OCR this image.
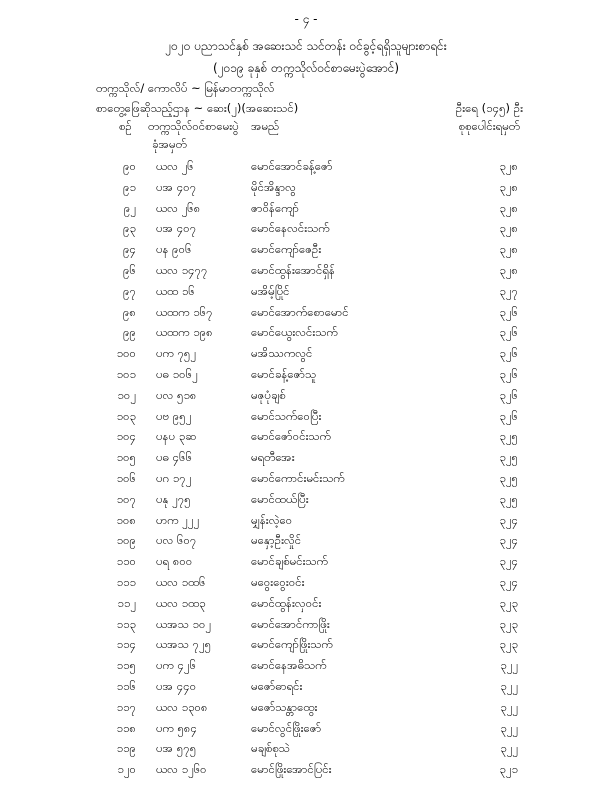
- ၄ -
၂၀၂၀ ပညာသင်နှစ် အဆေးသင် သင်တန်း ဝင်ခွင့်ရရှိသူများစာရင်း
(၂၀၁၉ ခုနှစ် တက္ကသိုလ်ဝင်စာမေးပွဲအောင်)
တက္ကသိုလ်/ ကောလိပ် ~ မြန်မာတက္ကသိုလ်
စာတွေ့ဖြေဆိုသည့်ဌာန ~ ဆေး(၂)(အဆေးသင်)	ဦးရေ (၁၄၅) ဦး
စဉ် တက္ကသိုလ်ဝင်စာမေးပွဲ
ခုံအမှတ်
အမည်	စုစုပေါင်းရမှတ်
၉၀ ယလ ၂၆	မောင်အောင်ခန့်ဇော်	၃၂၈
၉၁ ပအ ၄၀၇	မိုင်အိန္ဒာလွ	၃၂၈
၉၂ ယလ ၂၆၈	ဇာဝိန်ကျော်	၃၂၈
၉၃ ပအ ၄၀၇	မောင်နေလင်းသက်	၃၂၈
၉၄ ပန ၉၀၆	မောင်ကျော်ဇေဦး	၃၂၈
၉၆ ယလ ၁၄၇၇	မောင်ထွန်းအောင်ရှိန်	၃၂၈
၉၇ ယထ ၁၆	မအိမ့်ပြိုင်	၃၂၇
၉၈ ယထက ၁၆၇	မောင်အောက်စောမောင်	၃၂၆
၉၉ ယထက ၁၉၈	မောင်ယွေးလင်းသက်	၃၂၆
၁၀၀ ပက ၇၅၂	မအိဿကလွင်	၃၂၆
၁၀၁ ပဓ ၁၀၆၂	မောင်ခန့်ဇော်သူ	၃၂၆
၁၀၂ ပလ ၅၁၈	မဇုပုံချစ်	၃၂၆
၁၀၃ ပဗ ၉၅၂	မောင်သက်ဝေပြီး	၃၂၆
၁၀၄ ပနပ ၃ဆ	မောင်ဇော်ဝင်းသက်	၃၂၅
၁၀၅ ပဓ ၄၆၆	မရတီအေး	၃၂၅
၁၀၆ ပဂ ၁၇၂	မောင်ကောင်းမင်းသက်	၃၂၅
၁၀၇ ပနု ၂၇၅	မောင်ထယ်ပြီး	၃၂၅
၁၀၈ ဟက ၂၂၂	မျှန်းလဲ့ဝေ	၃၂၄
၁၀၉ ပလ ၆၀၇	မနှော့ဦးလှိုင်	၃၂၄
၁၁၀ ပရ ၈၀၀	မောင်ချစ်မင်းသက်	၃၂၄
၁၁၁ ယလ ၁ထ၆	မဝွေးဝွေးဝင်း	၃၂၄
၁၁၂ ယလ ၁ထ၃	မောင်ထွန်းလှဝင်း	၃၂၃
၁၁၃ ယအသ ၁၀၂	မောင်အောင်ကာဖြိုး	၃၂၃
၁၁၄ ယအသ ၇၂၅	မောင်ကျော်ဖြိုးသက်	၃၂၃
၁၁၅ ပက ၄၂၆	မောင်နေအဓိသက်	၃၂၂
၁၁၆ ပအ ၄၄၀	မဇော်ဓာရင်း	၃၂၂
၁၁၇ ယလ ၁၃၀၈	မဇော်သန္တာထွေး	၃၂၂
၁၁၈ ပက ၅၈၄	မောင်လွင်ဖြိုးဇော်	၃၂၂
၁၁၉ ပအ ၅၇၅	မချစ်စုသဲ	၃၂၂
၁၂၀ ယလ ၁၂၆၀	မောင်ဖြိုးအောင်ပြင်း	၃၂၁
